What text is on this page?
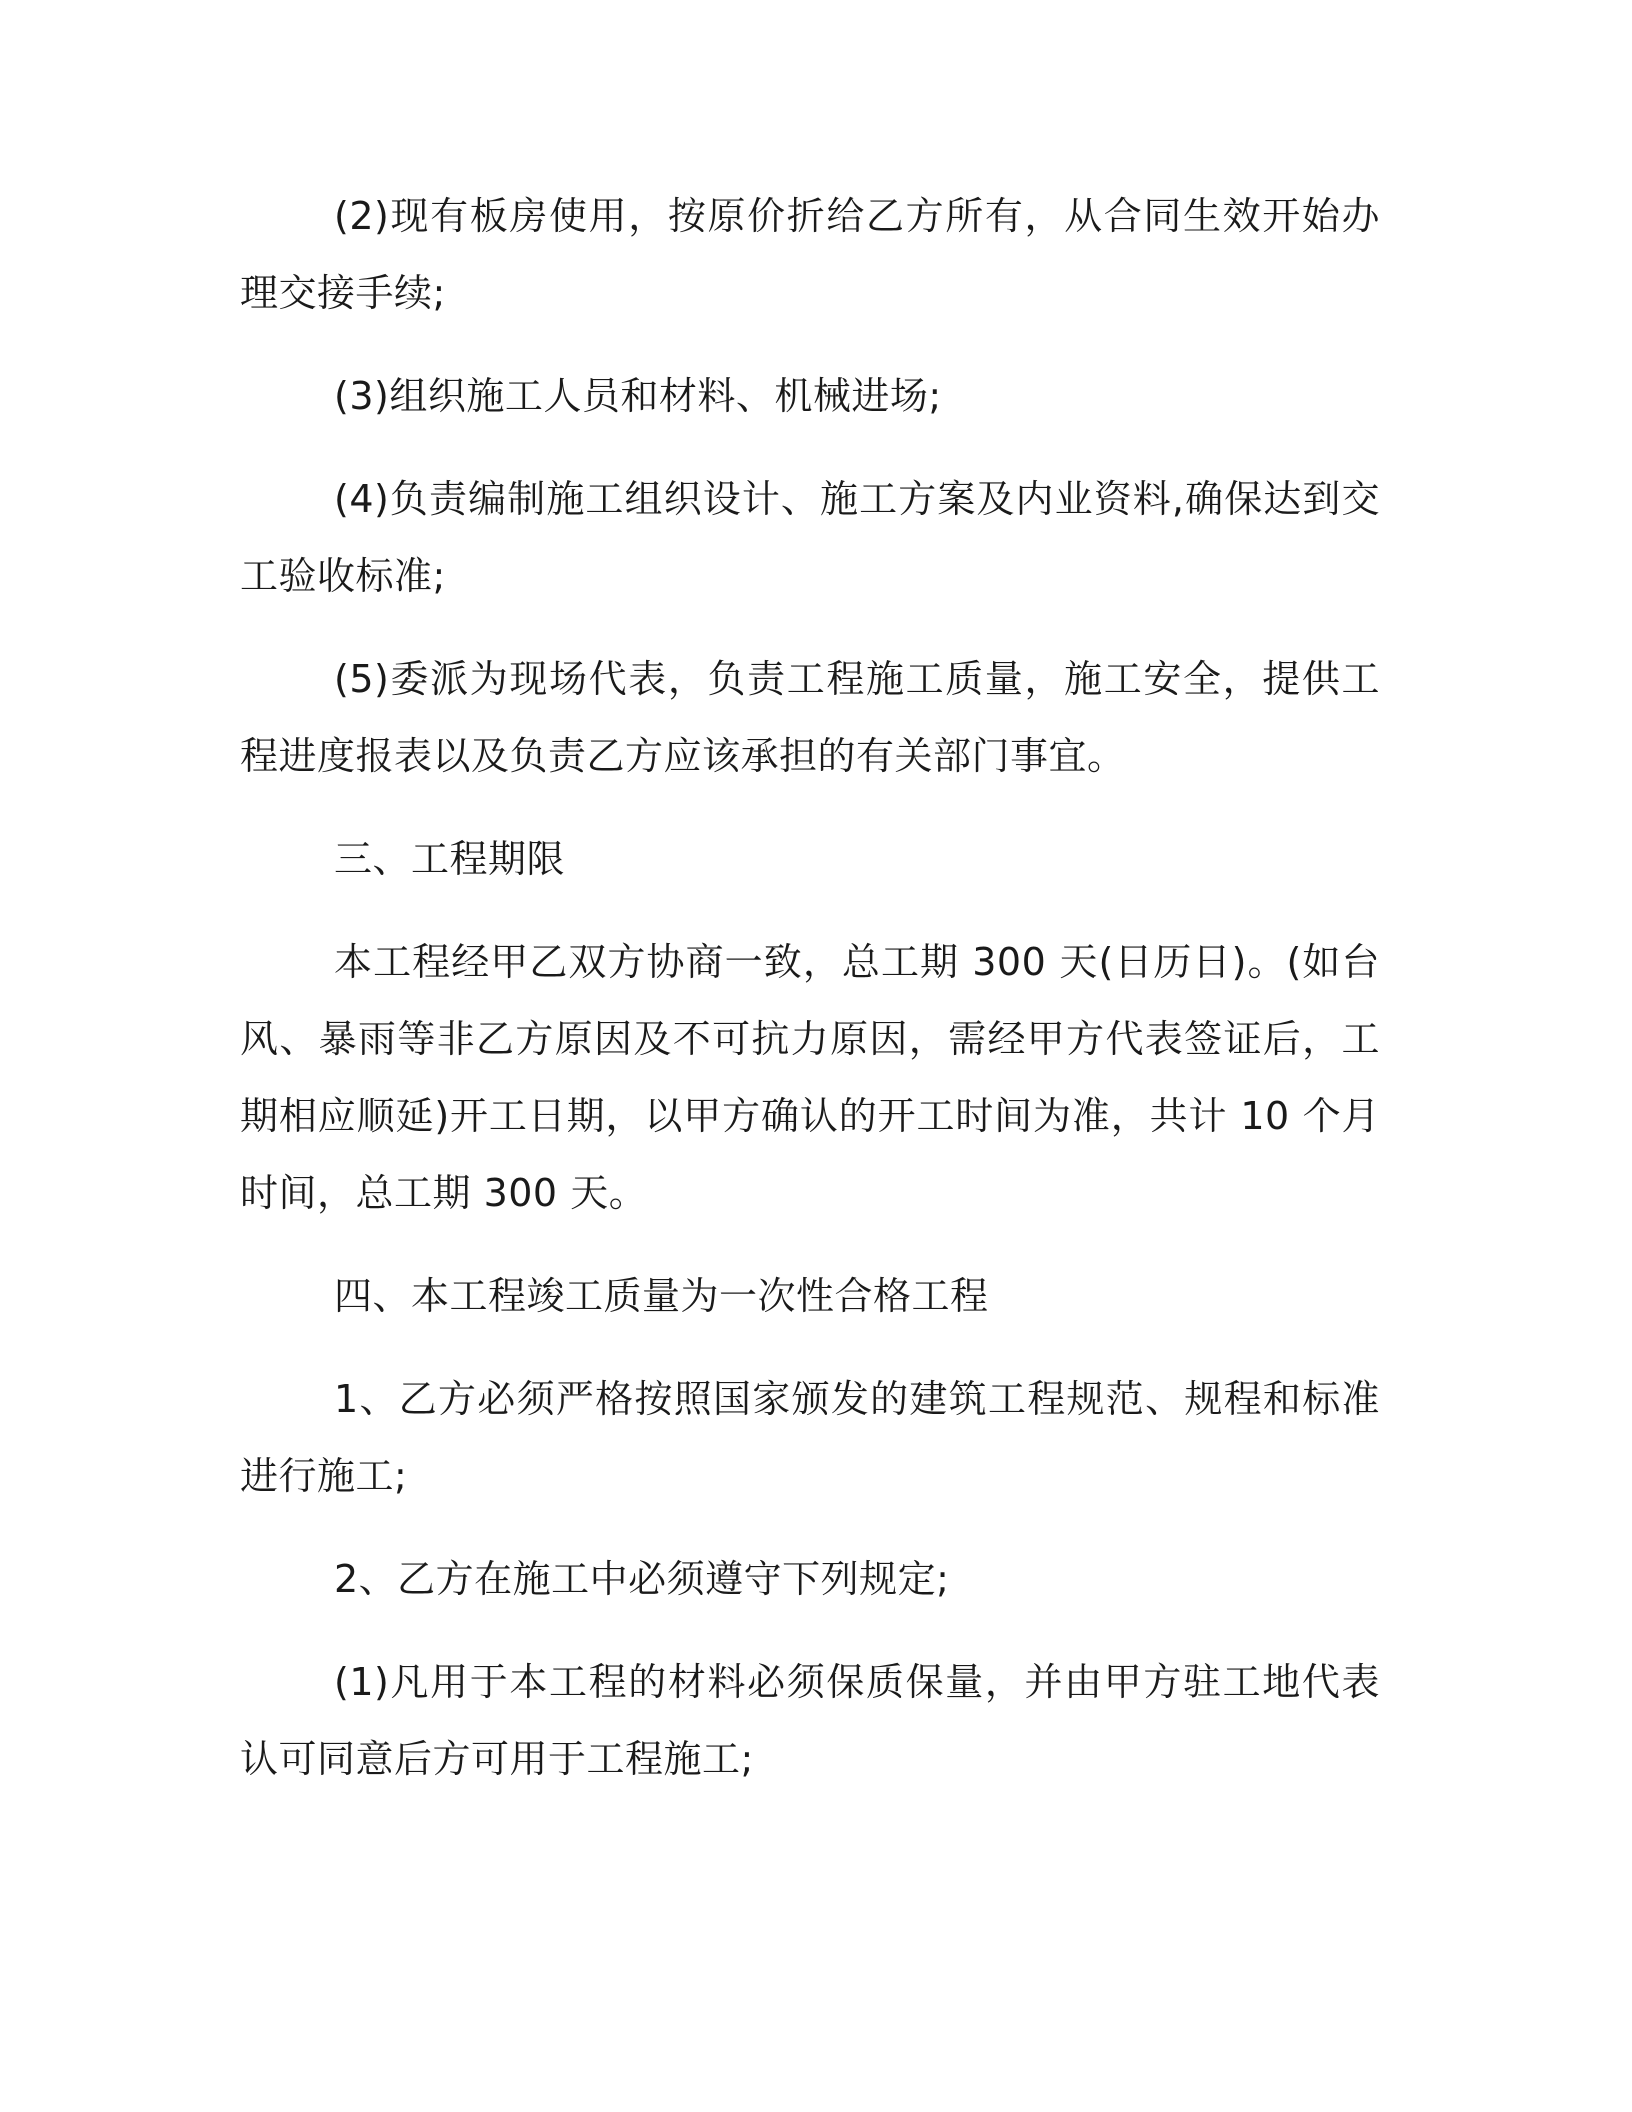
(2)现有板房使用，按原价折给乙方所有，从合同生效开始办理交接手续;

(3)组织施工人员和材料、机械进场;

(4)负责编制施工组织设计、施工方案及内业资料,确保达到交工验收标准;

(5)委派为现场代表，负责工程施工质量，施工安全，提供工程进度报表以及负责乙方应该承担的有关部门事宜。

三、工程期限

本工程经甲乙双方协商一致，总工期 300 天(日历日)。(如台风、暴雨等非乙方原因及不可抗力原因，需经甲方代表签证后，工期相应顺延)开工日期，以甲方确认的开工时间为准，共计 10 个月时间，总工期 300 天。

四、本工程竣工质量为一次性合格工程

1、乙方必须严格按照国家颁发的建筑工程规范、规程和标准进行施工;

2、乙方在施工中必须遵守下列规定;

(1)凡用于本工程的材料必须保质保量，并由甲方驻工地代表认可同意后方可用于工程施工;
